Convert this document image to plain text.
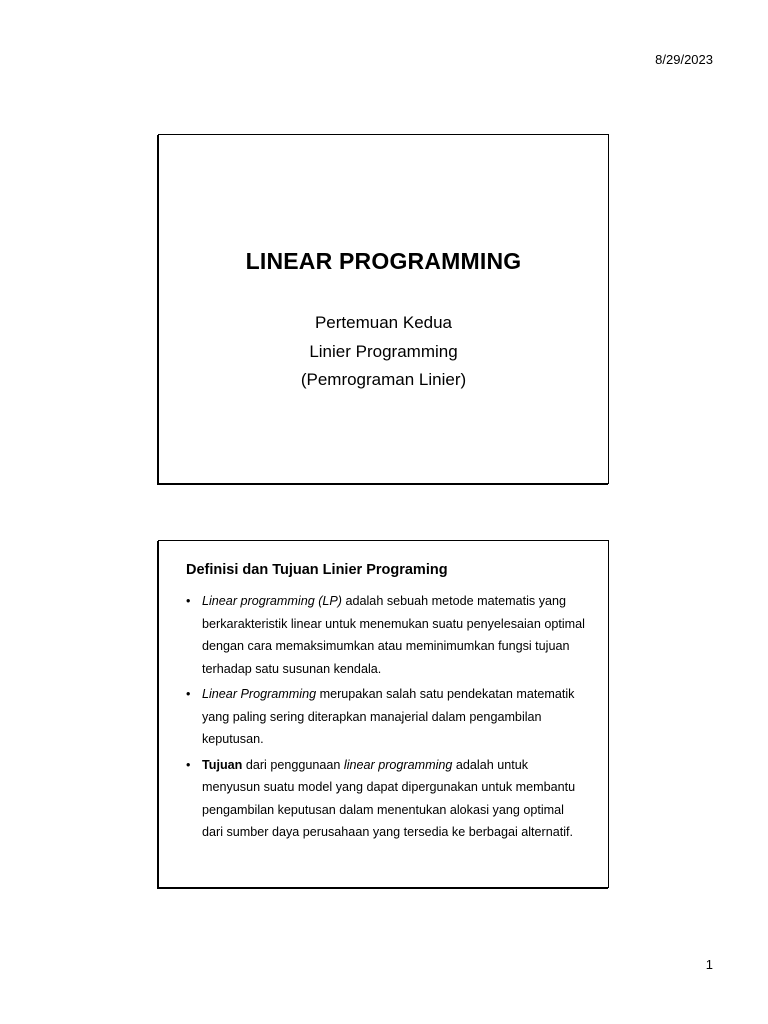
8/29/2023
LINEAR PROGRAMMING
Pertemuan Kedua
Linier Programming
(Pemrograman Linier)
Definisi dan Tujuan Linier Programing
• Linear programming (LP) adalah sebuah metode matematis yang berkarakteristik linear untuk menemukan suatu penyelesaian optimal dengan cara memaksimumkan atau meminimumkan fungsi tujuan terhadap satu susunan kendala.
• Linear Programming merupakan salah satu pendekatan matematik yang paling sering diterapkan manajerial dalam pengambilan keputusan.
• Tujuan dari penggunaan linear programming adalah untuk menyusun suatu model yang dapat dipergunakan untuk membantu pengambilan keputusan dalam menentukan alokasi yang optimal dari sumber daya perusahaan yang tersedia ke berbagai alternatif.
1
